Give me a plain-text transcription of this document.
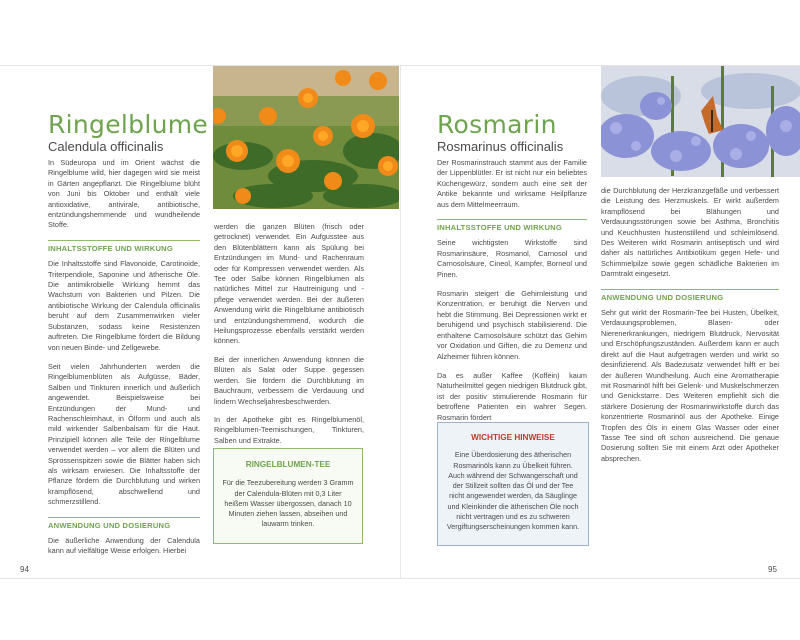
Ringelblume

Calendula officinalis

In Südeuropa und im Orient wächst die Ringelblume wild, hier dagegen wird sie meist in Gärten angepflanzt. Die Ringelblume blüht von Juni bis Oktober und enthält viele antioxidative, antivirale, antibiotische, entzündungshemmende und wundheilende Stoffe.

INHALTSSTOFFE UND WIRKUNG

Die Inhaltsstoffe sind Flavonoide, Carotinoide, Triterpendiole, Saponine und ätherische Öle. Die antimikrobielle Wirkung hemmt das Wachstum von Bakterien und Pilzen. Die antibiotische Wirkung der Calendula officinalis beruht auf dem Zusammenwirken vieler Substanzen, sodass keine Resistenzen auftreten. Die Ringelblume fördert die Bildung von neuen Binde- und Zellgewebe.

Seit vielen Jahrhunderten werden die Ringelblumenblüten als Aufgüsse, Bäder, Salben und Tinkturen innerlich und äußerlich angewendet. Beispielsweise bei Entzündungen der Mund- und Rachenschleimhaut, in Ölform und auch als mild wirkender Salbenbalsam für die Haut. Prinzipiell können alle Teile der Ringelblume verwendet werden – vor allem die Blüten und Sprossenspitzen sowie die Blätter haben sich als wirksam erwiesen. Die Inhaltsstoffe der Pflanze fördern die Durchblutung und wirken krampflösend, abschwellend und schmerzstillend.

ANWENDUNG UND DOSIERUNG

Die äußerliche Anwendung der Calendula kann auf vielfältige Weise erfolgen. Hierbei

werden die ganzen Blüten (frisch oder getrocknet) verwendet. Ein Aufgusstee aus den Blütenblättern kann als Spülung bei Entzündungen im Mund- und Rachenraum oder für Kompressen verwendet werden. Als Tee oder Salbe können Ringelblumen als natürliches Mittel zur Hautreinigung und -pflege verwendet werden. Bei der äußeren Anwendung wirkt die Ringelblume antibiotisch und entzündungshemmend, wodurch die Heilungsprozesse ebenfalls verstärkt werden können.

Bei der innerlichen Anwendung können die Blüten als Salat oder Suppe gegessen werden. Sie fördern die Durchblutung im Bauchraum, verbessern die Verdauung und lindern Wechseljahresbeschwerden.

In der Apotheke gibt es Ringelblumenöl, Ringelblumen-Teemischungen, Tinkturen, Salben und Extrakte.

RINGELBLUMEN-TEE
Für die Teezubereitung werden 3 Gramm der Calendula-Blüten mit 0,3 Liter heißem Wasser übergossen, danach 10 Minuten ziehen lassen, abseihen und lauwarm trinken.
94
Rosmarin

Rosmarinus officinalis

Der Rosmarinstrauch stammt aus der Familie der Lippenblütler. Er ist nicht nur ein beliebtes Küchengewürz, sondern auch eine seit der Antike bekannte und wirksame Heilpflanze aus dem Mittelmeerraum.

INHALTSSTOFFE UND WIRKUNG

Seine wichtigsten Wirkstoffe sind Rosmarinsäure, Rosmanol, Carnosol und Carnosolsäure, Cineol, Kampfer, Borneol und Pinen.

Rosmarin steigert die Gehirnleistung und Konzentration, er beruhigt die Nerven und hebt die Stimmung. Bei Depressionen wirkt er beruhigend und psychisch stabilisierend. Die enthaltene Carnosolsäure schützt das Gehirn vor Oxidation und Giften, die zu Demenz und Alzheimer führen können.

Da es außer Kaffee (Koffein) kaum Naturheilmittel gegen niedrigen Blutdruck gibt, ist der positiv stimulierende Rosmarin für betroffene Patienten ein wahrer Segen. Rosmarin fördert

WICHTIGE HINWEISE
Eine Überdosierung des ätherischen Rosmarinöls kann zu Übelkeit führen. Auch während der Schwangerschaft und der Stillzeit sollten das Öl und der Tee nicht angewendet werden, da Säuglinge und Kleinkinder die ätherischen Öle noch nicht vertragen und es zu schweren Vergiftungserscheinungen kommen kann.

die Durchblutung der Herzkranzgefäße und verbessert die Leistung des Herzmuskels. Er wirkt außerdem krampflösend bei Blähungen und Verdauungsstörungen sowie bei Asthma, Bronchitis und Keuchhusten hustenstillend und schleimlösend. Des Weiteren wirkt Rosmarin antiseptisch und wird daher als natürliches Antibiotikum gegen Hefe- und Schimmelpilze sowie gegen schädliche Bakterien im Darmtrakt eingesetzt.

ANWENDUNG UND DOSIERUNG

Sehr gut wirkt der Rosmarin-Tee bei Husten, Übelkeit, Verdauungsproblemen, Blasen- oder Nierenerkrankungen, niedrigem Blutdruck, Nervosität und Erschöpfungszuständen. Außerdem kann er auch direkt auf die Haut aufgetragen werden und wirkt so desinfizierend. Als Badezusatz verwendet hilft er bei der äußeren Wundheilung. Auch eine Aromatherapie mit Rosmarinöl hilft bei Gelenk- und Muskelschmerzen und Genickstarre. Des Weiteren empfiehlt sich die stärkere Dosierung der Rosmarinwirkstoffe durch das konzentrierte Rosmarinöl aus der Apotheke. Einige Tropfen des Öls in einem Glas Wasser oder einer Tasse Tee sind oft schon ausreichend. Die genaue Dosierung sollten Sie mit einem Arzt oder Apotheker absprechen.

95
